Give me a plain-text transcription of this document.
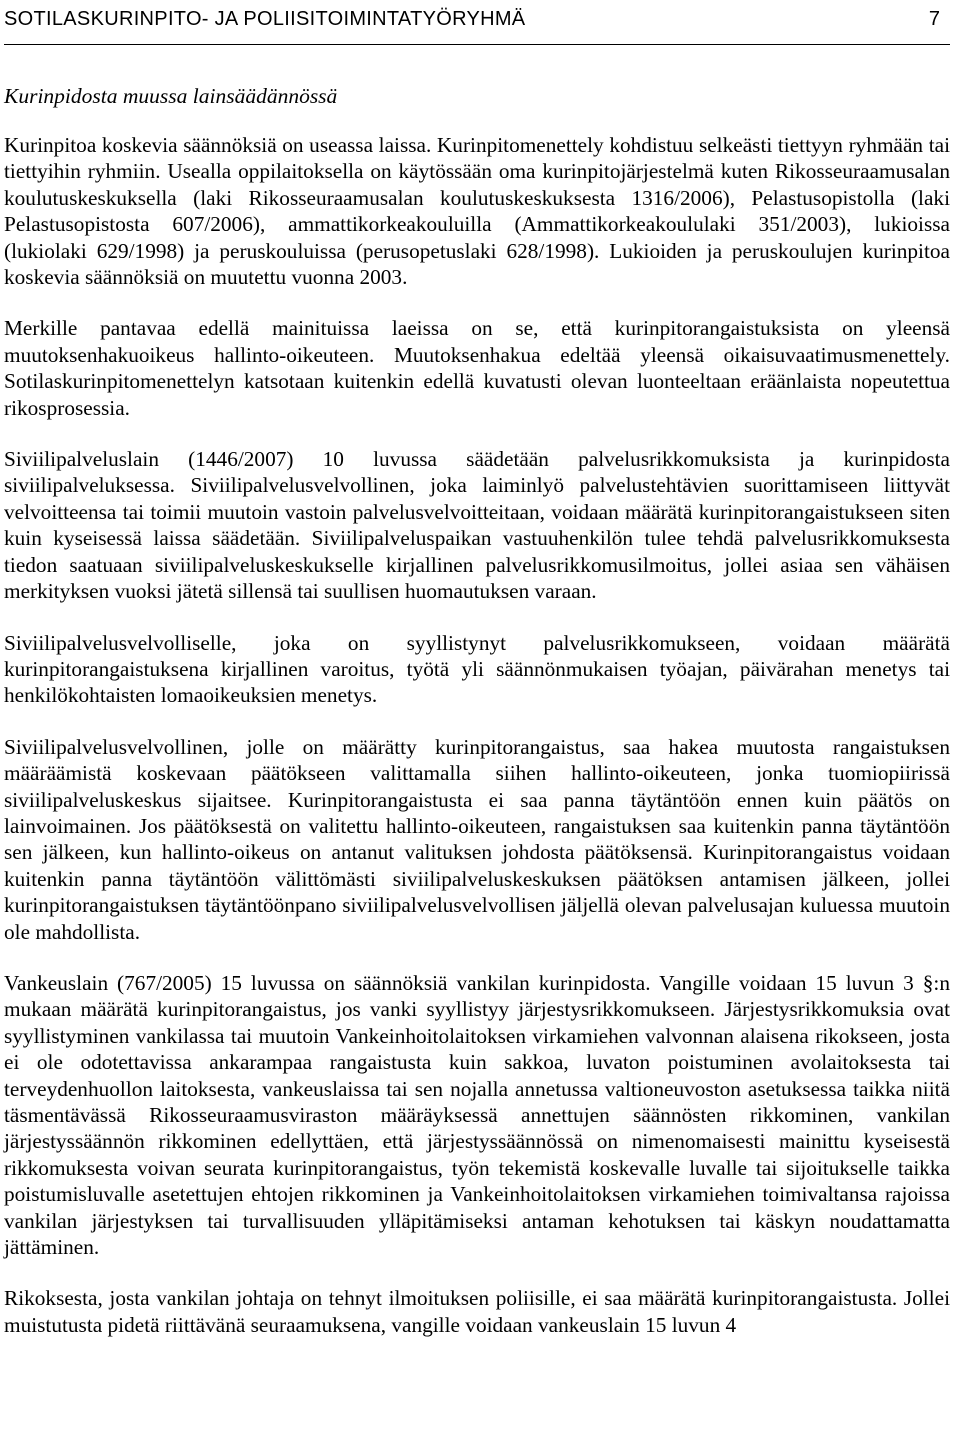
SOTILASKURINPITO- JA POLIISITOIMINTATYÖRYHMÄ	7
Kurinpidosta muussa lainsäädännössä

Kurinpitoa koskevia säännöksiä on useassa laissa. Kurinpitomenettely kohdistuu selkeästi tiettyyn ryhmään tai tiettyihin ryhmiin. Usealla oppilaitoksella on käytössään oma kurinpitojärjestelmä kuten Rikosseuraamusalan koulutuskeskuksella (laki Rikosseuraamusalan koulutuskeskuksesta 1316/2006), Pelastusopistolla (laki Pelastusopistosta 607/2006), ammattikorkeakouluilla (Ammattikorkeakoululaki 351/2003), lukioissa (lukiolaki 629/1998) ja peruskouluissa (perusopetuslaki 628/1998). Lukioiden ja peruskoulujen kurinpitoa koskevia säännöksiä on muutettu vuonna 2003.

Merkille pantavaa edellä mainituissa laeissa on se, että kurinpitorangaistuksista on yleensä muutoksenhakuoikeus hallinto-oikeuteen. Muutoksenhakua edeltää yleensä oikaisuvaatimusmenettely. Sotilaskurinpitomenettelyn katsotaan kuitenkin edellä kuvatusti olevan luonteeltaan eräänlaista nopeutettua rikosprosessia.

Siviilipalveluslain (1446/2007) 10 luvussa säädetään palvelusrikkomuksista ja kurinpidosta siviilipalveluksessa. Siviilipalvelusvelvollinen, joka laiminlyö palvelustehtävien suorittamiseen liittyvät velvoitteensa tai toimii muutoin vastoin palvelusvelvoitteitaan, voidaan määrätä kurinpitorangaistukseen siten kuin kyseisessä laissa säädetään. Siviilipalveluspaikan vastuuhenkilön tulee tehdä palvelusrikkomuksesta tiedon saatuaan siviilipalveluskeskukselle kirjallinen palvelusrikkomusilmoitus, jollei asiaa sen vähäisen merkityksen vuoksi jätetä sillensä tai suullisen huomautuksen varaan.

Siviilipalvelusvelvolliselle, joka on syyllistynyt palvelusrikkomukseen, voidaan määrätä kurinpitorangaistuksena kirjallinen varoitus, työtä yli säännönmukaisen työajan, päivärahan menetys tai henkilökohtaisten lomaoikeuksien menetys.

Siviilipalvelusvelvollinen, jolle on määrätty kurinpitorangaistus, saa hakea muutosta rangaistuksen määräämistä koskevaan päätökseen valittamalla siihen hallinto-oikeuteen, jonka tuomiopiirissä siviilipalveluskeskus sijaitsee. Kurinpitorangaistusta ei saa panna täytäntöön ennen kuin päätös on lainvoimainen. Jos päätöksestä on valitettu hallinto-oikeuteen, rangaistuksen saa kuitenkin panna täytäntöön sen jälkeen, kun hallinto-oikeus on antanut valituksen johdosta päätöksensä. Kurinpitorangaistus voidaan kuitenkin panna täytäntöön välittömästi siviilipalveluskeskuksen päätöksen antamisen jälkeen, jollei kurinpitorangaistuksen täytäntöönpano siviilipalvelusvelvollisen jäljellä olevan palvelusajan kuluessa muutoin ole mahdollista.

Vankeuslain (767/2005) 15 luvussa on säännöksiä vankilan kurinpidosta. Vangille voidaan 15 luvun 3 §:n mukaan määrätä kurinpitorangaistus, jos vanki syyllistyy järjestysrikkomukseen. Järjestysrikkomuksia ovat syyllistyminen vankilassa tai muutoin Vankeinhoitolaitoksen virkamiehen valvonnan alaisena rikokseen, josta ei ole odotettavissa ankarampaa rangaistusta kuin sakkoa, luvaton poistuminen avolaitoksesta tai terveydenhuollon laitoksesta, vankeuslaissa tai sen nojalla annetussa valtioneuvoston asetuksessa taikka niitä täsmentävässä Rikosseuraamusviraston määräyksessä annettujen säännösten rikkominen, vankilan järjestyssäännön rikkominen edellyttäen, että järjestyssäännössä on nimenomaisesti mainittu kyseisestä rikkomuksesta voivan seurata kurinpitorangaistus, työn tekemistä koskevalle luvalle tai sijoitukselle taikka poistumisluvalle asetettujen ehtojen rikkominen ja Vankeinhoitolaitoksen virkamiehen toimivaltansa rajoissa vankilan järjestyksen tai turvallisuuden ylläpitämiseksi antaman kehotuksen tai käskyn noudattamatta jättäminen.

Rikoksesta, josta vankilan johtaja on tehnyt ilmoituksen poliisille, ei saa määrätä kurinpitorangaistusta. Jollei muistutusta pidetä riittävänä seuraamuksena, vangille voidaan vankeuslain 15 luvun 4
